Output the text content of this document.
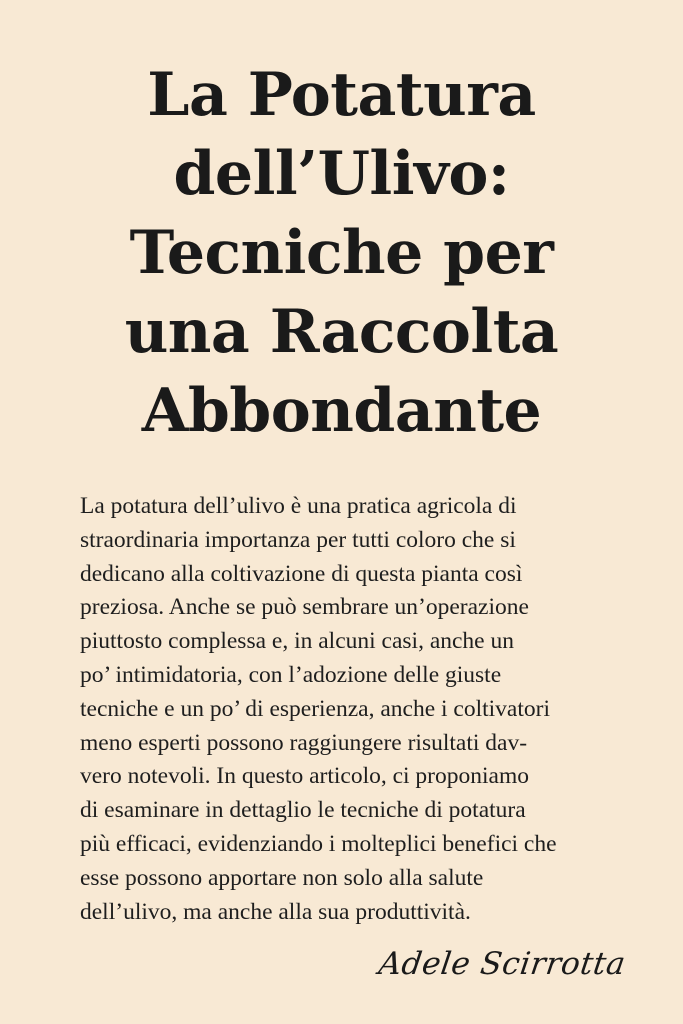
La Potatura
dell’Ulivo:
Tecniche per
una Raccolta
Abbondante

La potatura dell’ulivo è una pratica agricola di
straordinaria importanza per tutti coloro che si
dedicano alla coltivazione di questa pianta così
preziosa. Anche se può sembrare un’operazione
piuttosto complessa e, in alcuni casi, anche un
po’ intimidatoria, con l’adozione delle giuste
tecniche e un po’ di esperienza, anche i coltivatori
meno esperti possono raggiungere risultati dav-
vero notevoli. In questo articolo, ci proponiamo
di esaminare in dettaglio le tecniche di potatura
più efficaci, evidenziando i molteplici benefici che
esse possono apportare non solo alla salute
dell’ulivo, ma anche alla sua produttività.

Adele Scirrotta
